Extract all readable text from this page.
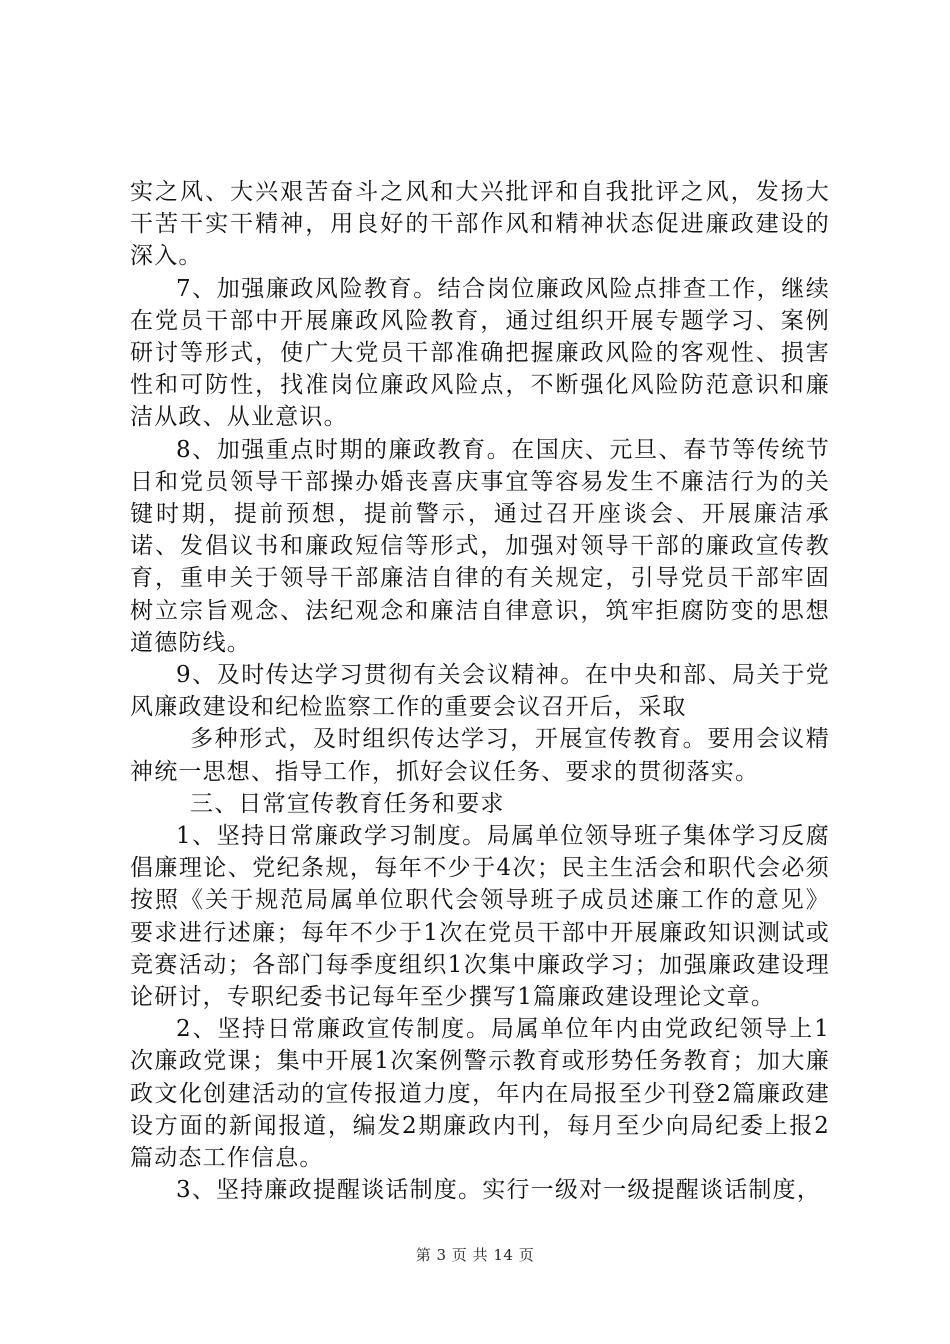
实之风、大兴艰苦奋斗之风和大兴批评和自我批评之风，发扬大干苦干实干精神，用良好的干部作风和精神状态促进廉政建设的深入。

7、加强廉政风险教育。结合岗位廉政风险点排查工作，继续在党员干部中开展廉政风险教育，通过组织开展专题学习、案例研讨等形式，使广大党员干部准确把握廉政风险的客观性、损害性和可防性，找准岗位廉政风险点，不断强化风险防范意识和廉洁从政、从业意识。

8、加强重点时期的廉政教育。在国庆、元旦、春节等传统节日和党员领导干部操办婚丧喜庆事宜等容易发生不廉洁行为的关键时期，提前预想，提前警示，通过召开座谈会、开展廉洁承诺、发倡议书和廉政短信等形式，加强对领导干部的廉政宣传教育，重申关于领导干部廉洁自律的有关规定，引导党员干部牢固树立宗旨观念、法纪观念和廉洁自律意识，筑牢拒腐防变的思想道德防线。

9、及时传达学习贯彻有关会议精神。在中央和部、局关于党风廉政建设和纪检监察工作的重要会议召开后，采取

多种形式，及时组织传达学习，开展宣传教育。要用会议精神统一思想、指导工作，抓好会议任务、要求的贯彻落实。

三、日常宣传教育任务和要求

1、坚持日常廉政学习制度。局属单位领导班子集体学习反腐倡廉理论、党纪条规，每年不少于4次；民主生活会和职代会必须按照《关于规范局属单位职代会领导班子成员述廉工作的意见》要求进行述廉；每年不少于1次在党员干部中开展廉政知识测试或竞赛活动；各部门每季度组织1次集中廉政学习；加强廉政建设理论研讨，专职纪委书记每年至少撰写1篇廉政建设理论文章。

2、坚持日常廉政宣传制度。局属单位年内由党政纪领导上1次廉政党课；集中开展1次案例警示教育或形势任务教育；加大廉政文化创建活动的宣传报道力度，年内在局报至少刊登2篇廉政建设方面的新闻报道，编发2期廉政内刊，每月至少向局纪委上报2篇动态工作信息。

3、坚持廉政提醒谈话制度。实行一级对一级提醒谈话制度，

第 3 页 共 14 页
